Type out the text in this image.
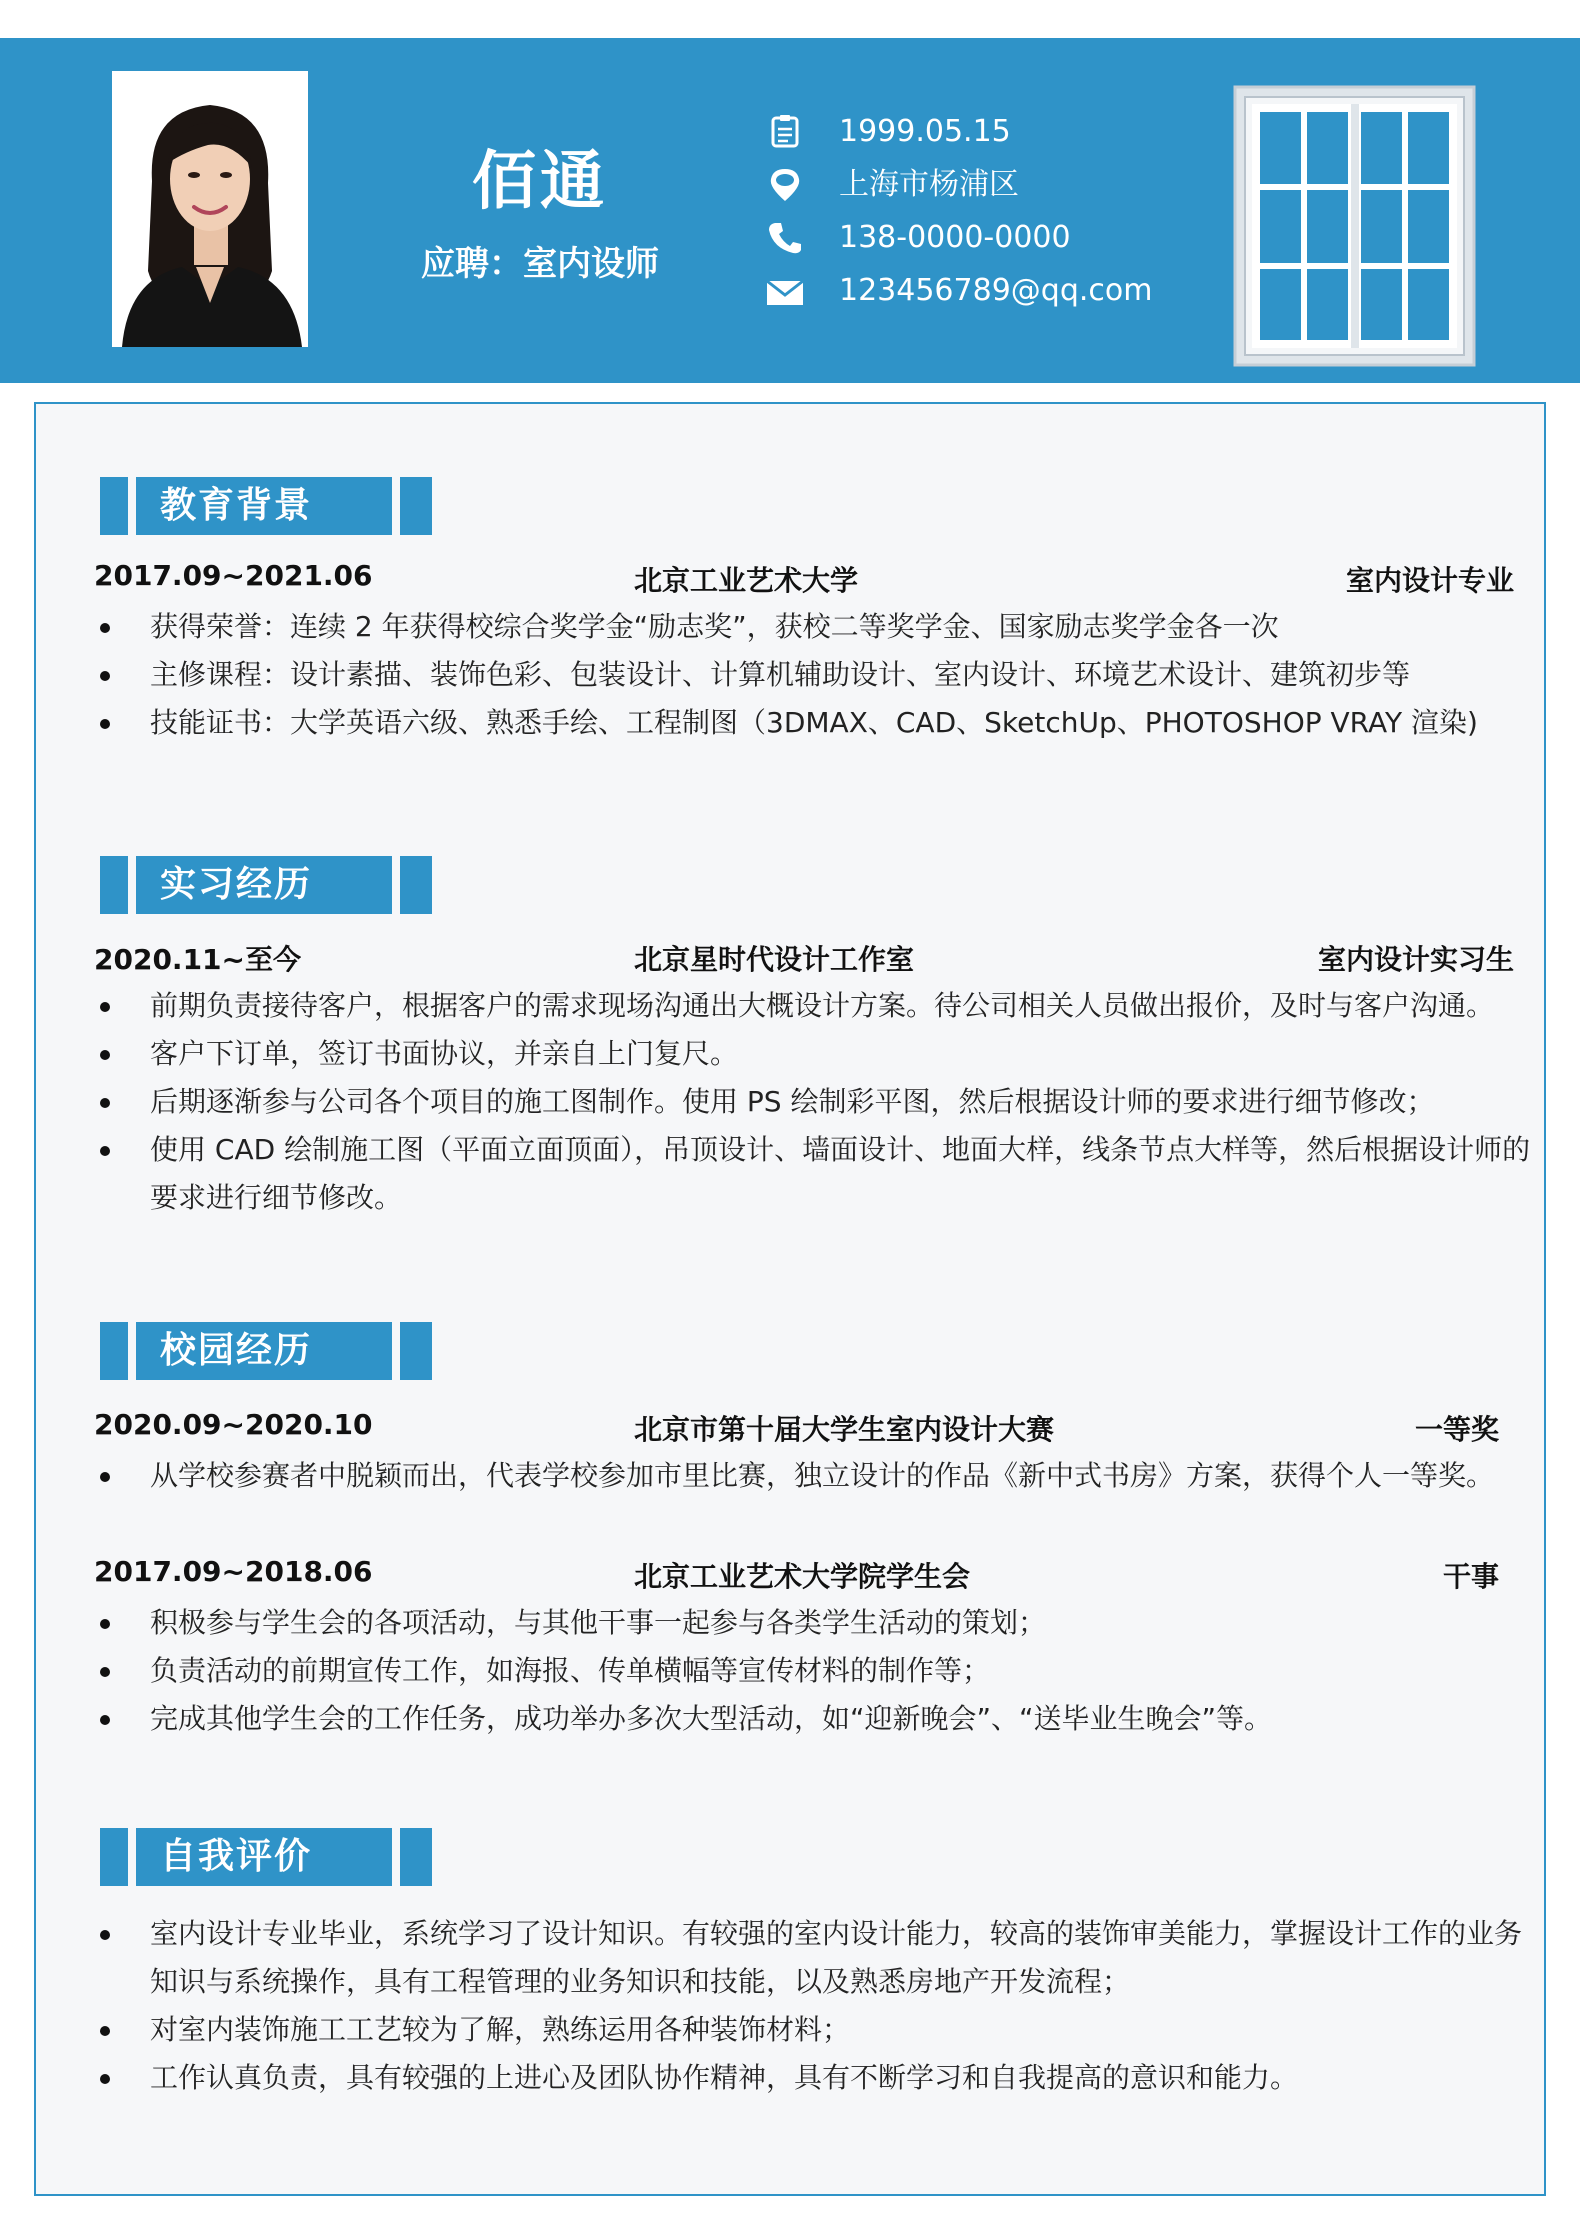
佰通
应聘：室内设师
1999.05.15
上海市杨浦区
138-0000-0000
123456789@qq.com
教育背景
2017.09~2021.06	北京工业艺术大学	室内设计专业
获得荣誉：连续 2 年获得校综合奖学金“励志奖”，获校二等奖学金、国家励志奖学金各一次
主修课程：设计素描、装饰色彩、包装设计、计算机辅助设计、室内设计、环境艺术设计、建筑初步等
技能证书：大学英语六级、熟悉手绘、工程制图（3DMAX、CAD、SketchUp、PHOTOSHOP VRAY 渲染)
实习经历
2020.11~至今	北京星时代设计工作室	室内设计实习生
前期负责接待客户，根据客户的需求现场沟通出大概设计方案。待公司相关人员做出报价，及时与客户沟通。
客户下订单，签订书面协议，并亲自上门复尺。
后期逐渐参与公司各个项目的施工图制作。使用 PS 绘制彩平图，然后根据设计师的要求进行细节修改；
使用 CAD 绘制施工图（平面立面顶面），吊顶设计、墙面设计、地面大样，线条节点大样等，然后根据设计师的要求进行细节修改。
校园经历
2020.09~2020.10	北京市第十届大学生室内设计大赛	一等奖
从学校参赛者中脱颖而出，代表学校参加市里比赛，独立设计的作品《新中式书房》方案，获得个人一等奖。
2017.09~2018.06	北京工业艺术大学院学生会	干事
积极参与学生会的各项活动，与其他干事一起参与各类学生活动的策划；
负责活动的前期宣传工作，如海报、传单横幅等宣传材料的制作等；
完成其他学生会的工作任务，成功举办多次大型活动，如“迎新晚会”、“送毕业生晚会”等。
自我评价
室内设计专业毕业，系统学习了设计知识。有较强的室内设计能力，较高的装饰审美能力，掌握设计工作的业务知识与系统操作，具有工程管理的业务知识和技能，以及熟悉房地产开发流程；
对室内装饰施工工艺较为了解，熟练运用各种装饰材料；
工作认真负责，具有较强的上进心及团队协作精神，具有不断学习和自我提高的意识和能力。
